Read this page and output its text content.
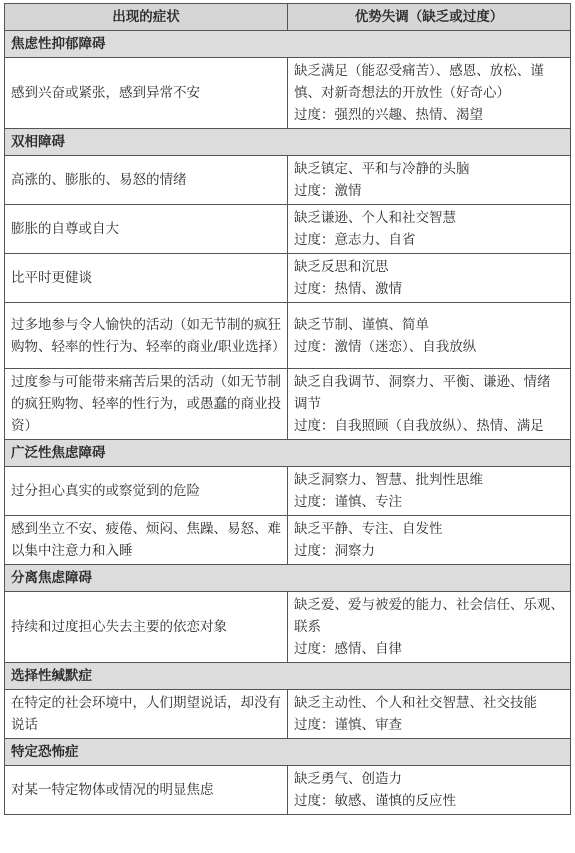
出现的症状	优势失调（缺乏或过度）
焦虑性抑郁障碍	
感到兴奋或紧张，感到异常不安	缺乏满足（能忍受痛苦）、感恩、放松、谨
慎、对新奇想法的开放性（好奇心）
过度：强烈的兴趣、热情、渴望

双相障碍	
高涨的、膨胀的、易怒的情绪	缺乏镇定、平和与冷静的头脑
过度：激情

膨胀的自尊或自大	缺乏谦逊、个人和社交智慧
过度：意志力、自省

比平时更健谈	缺乏反思和沉思
过度：热情、激情

过多地参与令人愉快的活动（如无节制的疯狂购物、轻率的性行为、轻率的商业/职业选择）	缺乏节制、谨慎、简单
过度：激情（迷恋）、自我放纵

过度参与可能带来痛苦后果的活动（如无节制的疯狂购物、轻率的性行为，或愚蠢的商业投资）	缺乏自我调节、洞察力、平衡、谦逊、情绪
调节
过度：自我照顾（自我放纵）、热情、满足

广泛性焦虑障碍	
过分担心真实的或察觉到的危险	缺乏洞察力、智慧、批判性思维
过度：谨慎、专注

感到坐立不安、疲倦、烦闷、焦躁、易怒、难以集中注意力和入睡	缺乏平静、专注、自发性
过度：洞察力

分离焦虑障碍	
持续和过度担心失去主要的依恋对象	缺乏爱、爱与被爱的能力、社会信任、乐观、
联系
过度：感情、自律

选择性缄默症	
在特定的社会环境中，人们期望说话，却没有说话	缺乏主动性、个人和社交智慧、社交技能
过度：谨慎、审查

特定恐怖症	
对某一特定物体或情况的明显焦虑	缺乏勇气、创造力
过度：敏感、谨慎的反应性
